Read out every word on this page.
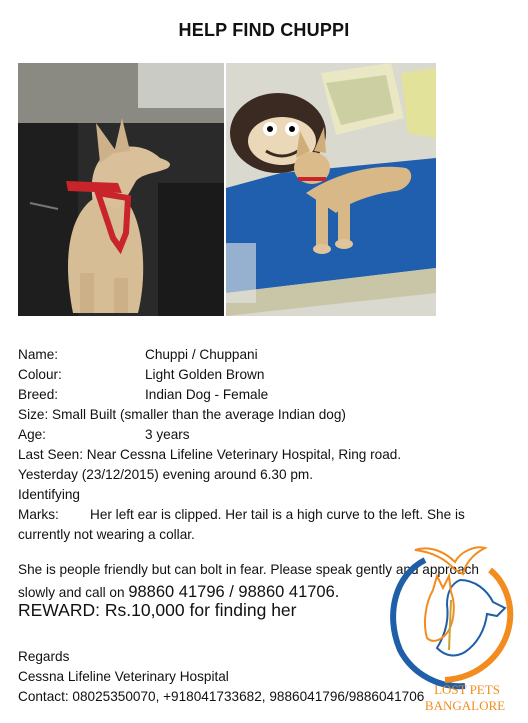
HELP FIND CHUPPI
Name:	Chuppi / Chuppani
Colour:	Light Golden Brown
Breed:	Indian Dog - Female
Size: Small Built (smaller than the average Indian dog)
Age:	3 years
Last Seen: Near Cessna Lifeline Veterinary Hospital, Ring road.
Yesterday (23/12/2015) evening around 6.30 pm.
Identifying
Marks: Her left ear is clipped. Her tail is a high curve to the left. She is
currently not wearing a collar.
She is people friendly but can bolt in fear. Please speak gently and approach
slowly and call on 98860 41796 / 98860 41706.
REWARD: Rs.10,000 for finding her
Regards
Cessna Lifeline Veterinary Hospital
Contact: 08025350070, +918041733682, 9886041796/9886041706 LOST PETS
BANGALORE
